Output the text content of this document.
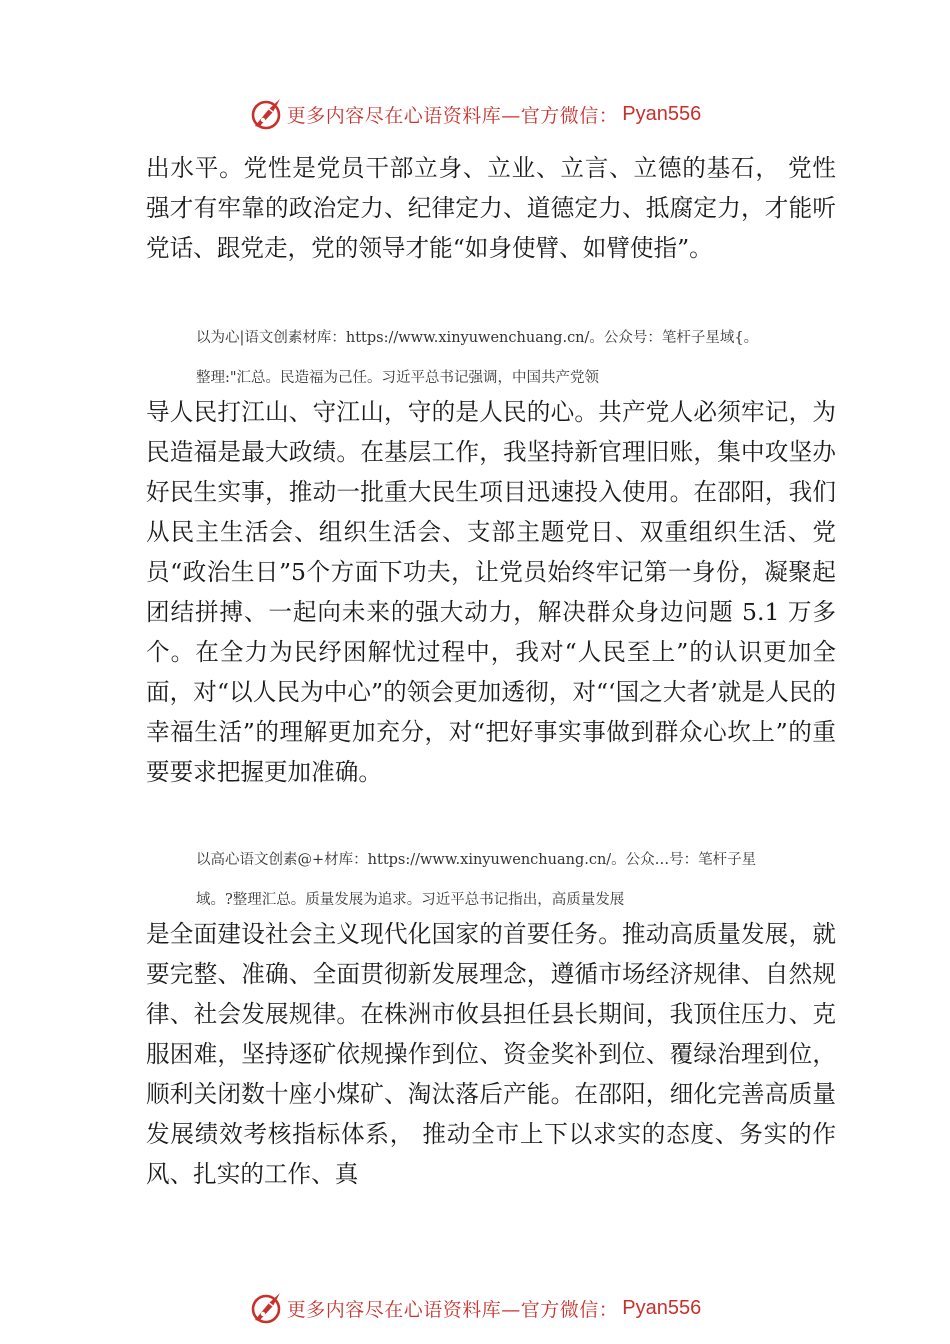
更多内容尽在心语资料库—官方微信： Pyan556

出水平。党性是党员干部立身、立业、立言、立德的基石， 党性强才有牢靠的政治定力、纪律定力、道德定力、抵腐定力，才能听党话、跟党走，党的领导才能“如身使臂、如臂使指”。

以为心|语文创素材库：https://www.xinyuwenchuang.cn/。公众号：笔杆子星域{。

整理:"汇总。民造福为己任。习近平总书记强调，中国共产党领

导人民打江山、守江山，守的是人民的心。共产党人必须牢记，为民造福是最大政绩。在基层工作，我坚持新官理旧账，集中攻坚办好民生实事，推动一批重大民生项目迅速投入使用。在邵阳，我们从民主生活会、组织生活会、支部主题党日、双重组织生活、党员“政治生日”5个方面下功夫，让党员始终牢记第一身份，凝聚起团结拼搏、一起向未来的强大动力，解决群众身边问题 5.1 万多个。在全力为民纾困解忧过程中，我对“人民至上”的认识更加全面，对“以人民为中心”的领会更加透彻，对“‘国之大者’就是人民的幸福生活”的理解更加充分，对“把好事实事做到群众心坎上”的重要要求把握更加准确。

以高心语文创素@+材库：https://www.xinyuwenchuang.cn/。公众…号：笔杆子星

域。?整理汇总。质量发展为追求。习近平总书记指出，高质量发展

是全面建设社会主义现代化国家的首要任务。推动高质量发展，就要完整、准确、全面贯彻新发展理念，遵循市场经济规律、自然规律、社会发展规律。在株洲市攸县担任县长期间，我顶住压力、克服困难，坚持逐矿依规操作到位、资金奖补到位、覆绿治理到位，顺利关闭数十座小煤矿、淘汰落后产能。在邵阳，细化完善高质量发展绩效考核指标体系， 推动全市上下以求实的态度、务实的作风、扎实的工作、真

更多内容尽在心语资料库—官方微信： Pyan556
